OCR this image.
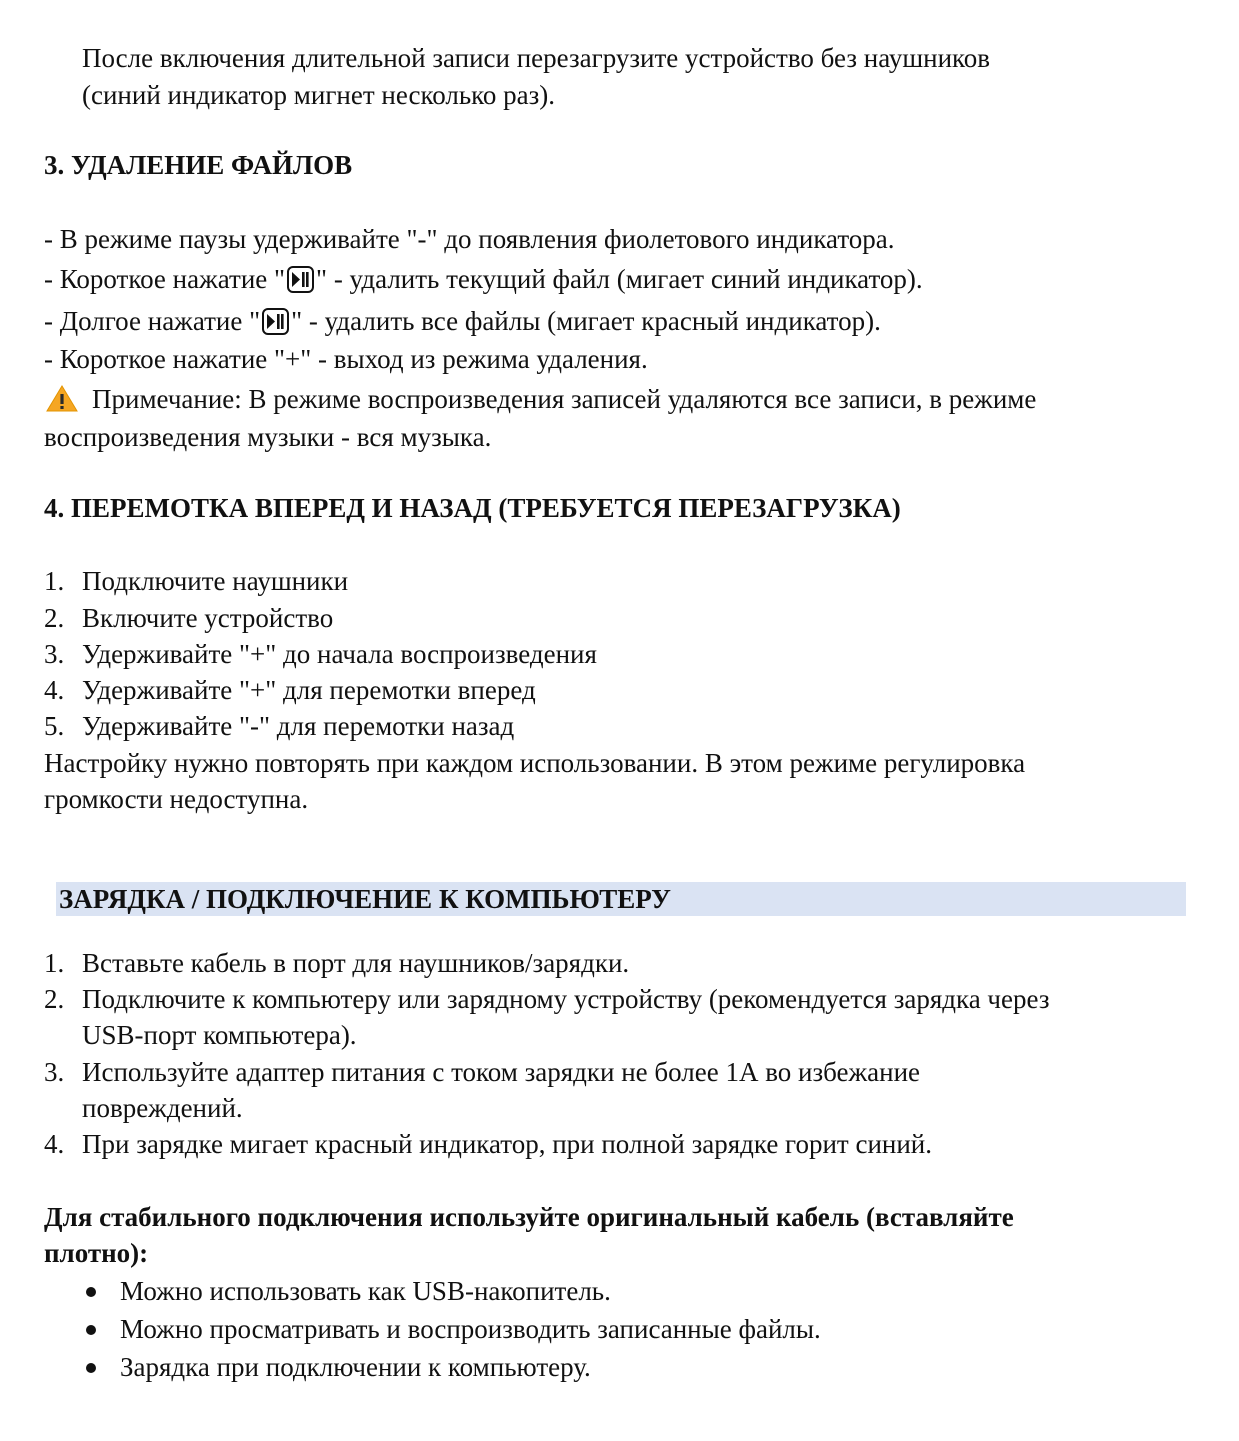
После включения длительной записи перезагрузите устройство без наушников
(синий индикатор мигнет несколько раз).
3. УДАЛЕНИЕ ФАЙЛОВ
- В режиме паузы удерживайте "-" до появления фиолетового индикатора.
- Короткое нажатие " " - удалить текущий файл (мигает синий индикатор).
- Долгое нажатие " " - удалить все файлы (мигает красный индикатор).
- Короткое нажатие "+" - выход из режима удаления.
Примечание: В режиме воспроизведения записей удаляются все записи, в режиме
воспроизведения музыки - вся музыка.
4. ПЕРЕМОТКА ВПЕРЕД И НАЗАД (ТРЕБУЕТСЯ ПЕРЕЗАГРУЗКА)
1. Подключите наушники
2. Включите устройство
3. Удерживайте "+" до начала воспроизведения
4. Удерживайте "+" для перемотки вперед
5. Удерживайте "-" для перемотки назад
Настройку нужно повторять при каждом использовании. В этом режиме регулировка
громкости недоступна.
ЗАРЯДКА / ПОДКЛЮЧЕНИЕ К КОМПЬЮТЕРУ
1. Вставьте кабель в порт для наушников/зарядки.
2. Подключите к компьютеру или зарядному устройству (рекомендуется зарядка через
USB-порт компьютера).
3. Используйте адаптер питания с током зарядки не более 1А во избежание
повреждений.
4. При зарядке мигает красный индикатор, при полной зарядке горит синий.
Для стабильного подключения используйте оригинальный кабель (вставляйте
плотно):
Можно использовать как USB-накопитель.
Можно просматривать и воспроизводить записанные файлы.
Зарядка при подключении к компьютеру.
